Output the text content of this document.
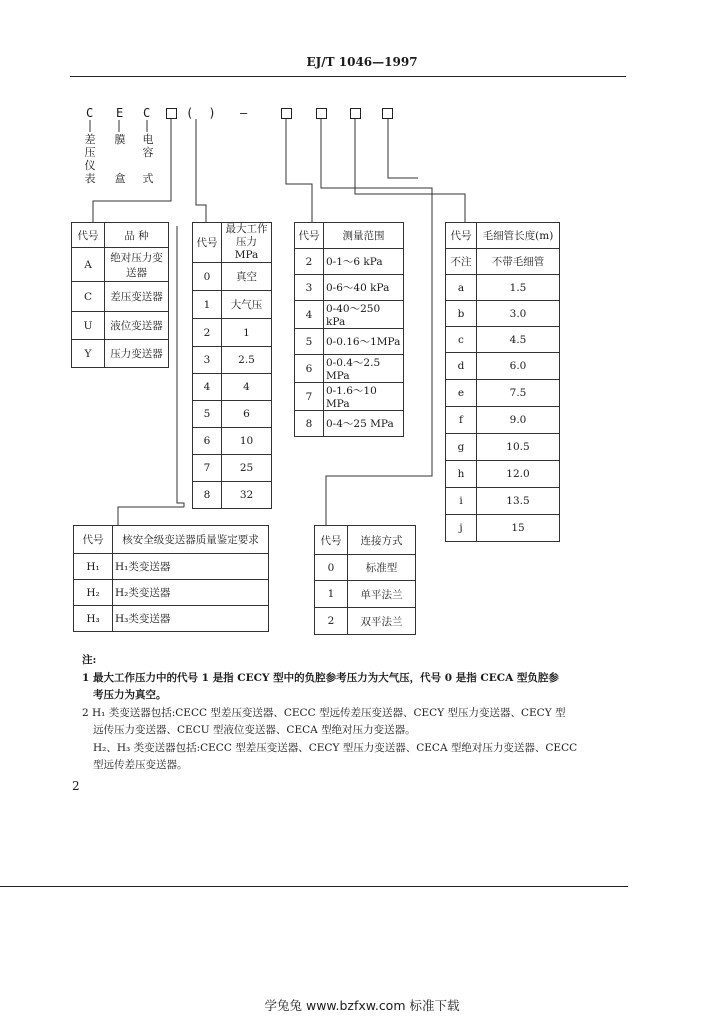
EJ/T 1046—1997
C E C	( ) —
差
压
仪
表
膜

盒
电
容

式
代号	品 种
A	绝对压力变送器
C	差压变送器
U	液位变送器
Y	压力变送器
代号	最大工作压力 MPa
0	真空
1	大气压
2	1
3	2.5
4	4
5	6
6	10
7	25
8	32
代号	测量范围
2	0-1～6 kPa
3	0-6～40 kPa
4	0-40～250 kPa
5	0-0.16～1MPa
6	0-0.4～2.5 MPa
7	0-1.6～10 MPa
8	0-4～25 MPa
代号	毛细管长度(m)
不注	不带毛细管
a	1.5
b	3.0
c	4.5
d	6.0
e	7.5
f	9.0
g	10.5
h	12.0
i	13.5
j	15
代号	核安全级变送器质量鉴定要求
H₁	H₁类变送器
H₂	H₂类变送器
H₃	H₃类变送器
代号	连接方式
0	标准型
1	单平法兰
2	双平法兰
注:
1 最大工作压力中的代号 1 是指 CECY 型中的负腔参考压力为大气压，代号 0 是指 CECA 型负腔参
考压力为真空。
2 H₁ 类变送器包括:CECC 型差压变送器、CECC 型远传差压变送器、CECY 型压力变送器、CECY 型
远传压力变送器、CECU 型液位变送器、CECA 型绝对压力变送器。
H₂、H₃ 类变送器包括:CECC 型差压变送器、CECY 型压力变送器、CECA 型绝对压力变送器、CECC
型远传差压变送器。
2
学兔兔 www.bzfxw.com 标准下载
